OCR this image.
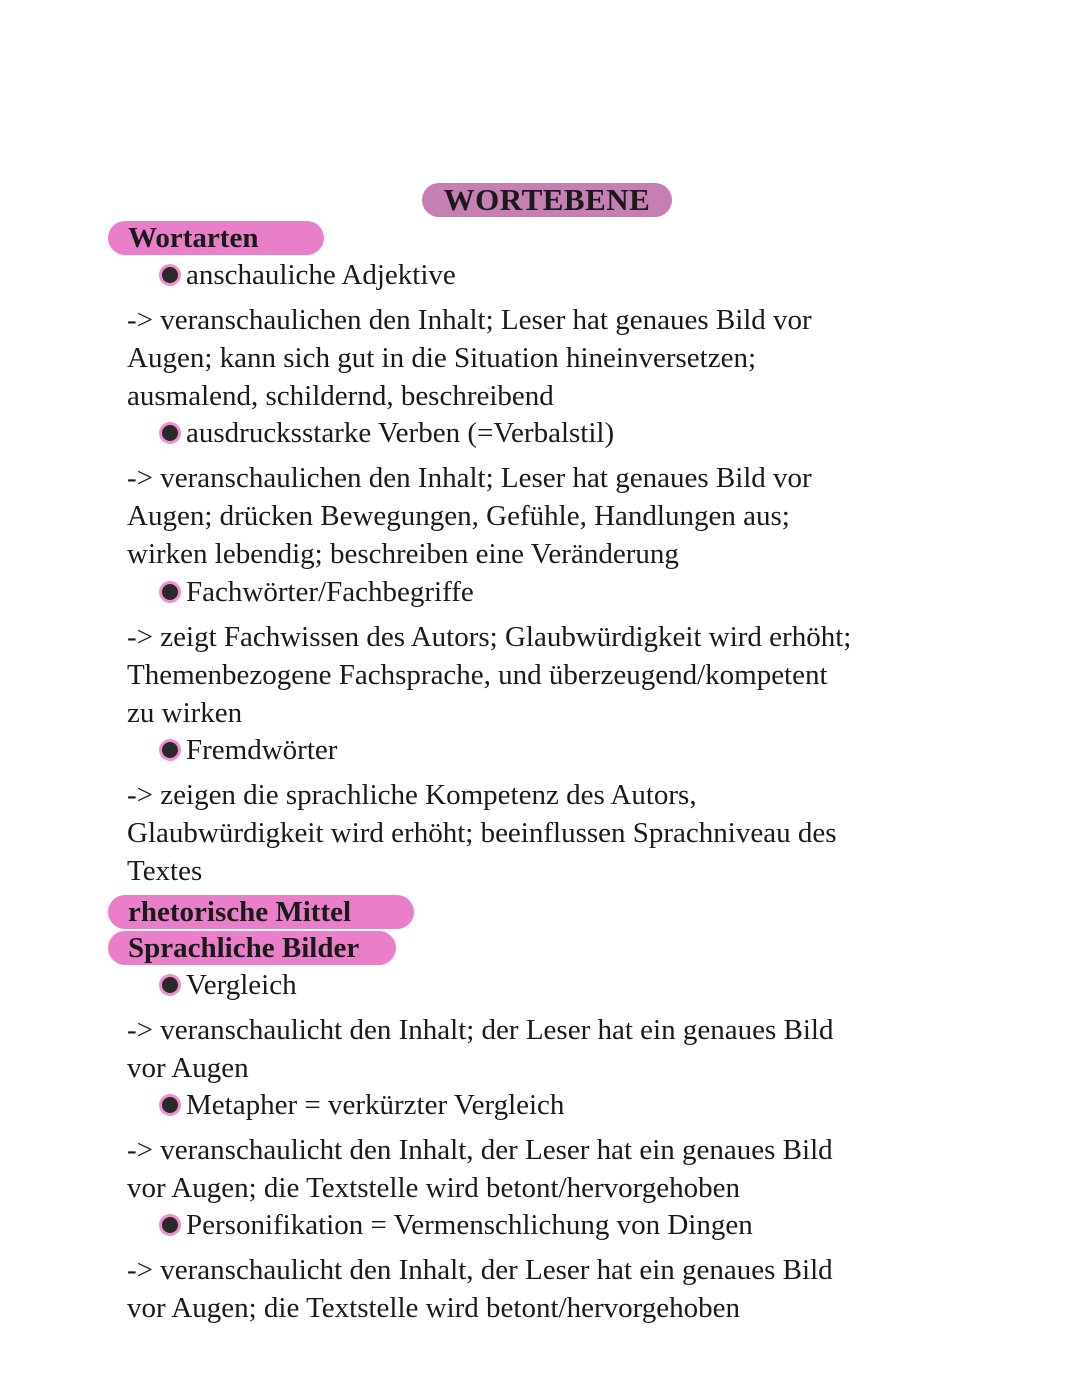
WORTEBENE
Wortarten
anschauliche Adjektive
-> veranschaulichen den Inhalt; Leser hat genaues Bild vor
Augen; kann sich gut in die Situation hineinversetzen;
ausmalend, schildernd, beschreibend
ausdrucksstarke Verben (=Verbalstil)
-> veranschaulichen den Inhalt; Leser hat genaues Bild vor
Augen; drücken Bewegungen, Gefühle, Handlungen aus;
wirken lebendig; beschreiben eine Veränderung
Fachwörter/Fachbegriffe
-> zeigt Fachwissen des Autors; Glaubwürdigkeit wird erhöht;
Themenbezogene Fachsprache, und überzeugend/kompetent
zu wirken
Fremdwörter
-> zeigen die sprachliche Kompetenz des Autors,
Glaubwürdigkeit wird erhöht; beeinflussen Sprachniveau des
Textes
rhetorische Mittel
Sprachliche Bilder
Vergleich
-> veranschaulicht den Inhalt; der Leser hat ein genaues Bild
vor Augen
Metapher = verkürzter Vergleich
-> veranschaulicht den Inhalt, der Leser hat ein genaues Bild
vor Augen; die Textstelle wird betont/hervorgehoben
Personifikation = Vermenschlichung von Dingen
-> veranschaulicht den Inhalt, der Leser hat ein genaues Bild
vor Augen; die Textstelle wird betont/hervorgehoben
